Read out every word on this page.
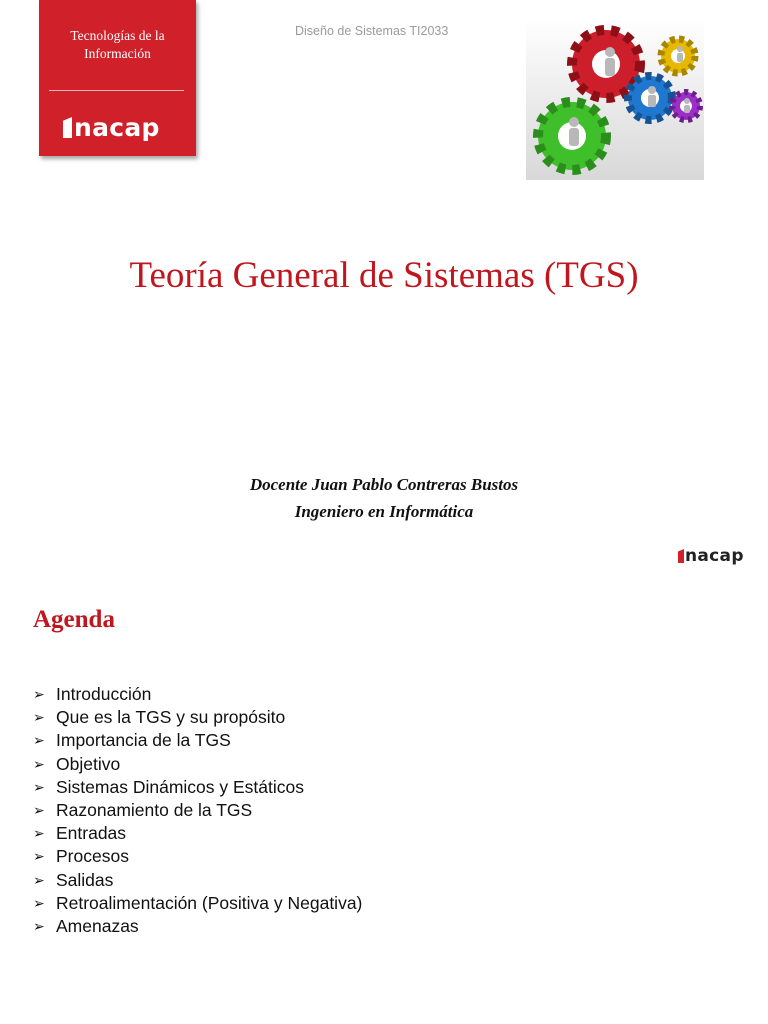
Tecnologías de la
Información
nacap
Diseño de Sistemas TI2033
Teoría General de Sistemas (TGS)
Docente Juan Pablo Contreras Bustos
Ingeniero en Informática
nacap
Agenda
➢ Introducción
➢ Que es la TGS y su propósito
➢ Importancia de la TGS
➢ Objetivo
➢ Sistemas Dinámicos y Estáticos
➢ Razonamiento de la TGS
➢ Entradas
➢ Procesos
➢ Salidas
➢ Retroalimentación (Positiva y Negativa)
➢ Amenazas
